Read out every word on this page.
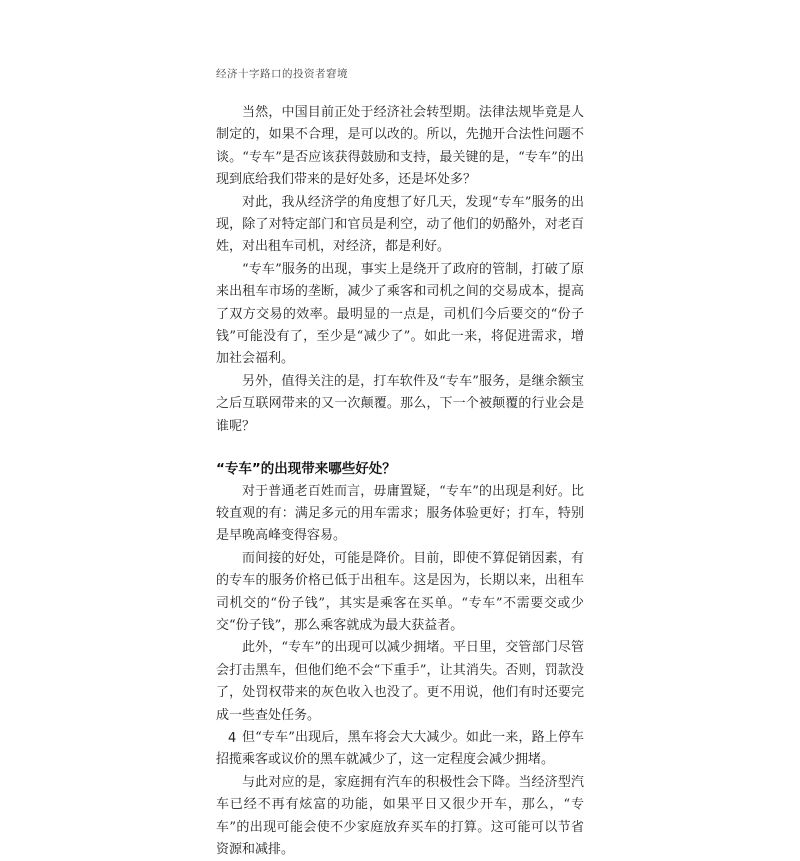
经济十字路口的投资者窘境

当然，中国目前正处于经济社会转型期。法律法规毕竟是人制定的，如果不合理，是可以改的。所以，先抛开合法性问题不谈。“专车”是否应该获得鼓励和支持，最关键的是，“专车”的出现到底给我们带来的是好处多，还是坏处多？

对此，我从经济学的角度想了好几天，发现“专车”服务的出现，除了对特定部门和官员是利空，动了他们的奶酪外，对老百姓，对出租车司机，对经济，都是利好。

“专车”服务的出现，事实上是绕开了政府的管制，打破了原来出租车市场的垄断，减少了乘客和司机之间的交易成本，提高了双方交易的效率。最明显的一点是，司机们今后要交的“份子钱”可能没有了，至少是“减少了”。如此一来，将促进需求，增加社会福利。

另外，值得关注的是，打车软件及“专车”服务，是继余额宝之后互联网带来的又一次颠覆。那么，下一个被颠覆的行业会是谁呢？

“专车”的出现带来哪些好处？

对于普通老百姓而言，毋庸置疑，“专车”的出现是利好。比较直观的有：满足多元的用车需求；服务体验更好；打车，特别是早晚高峰变得容易。

而间接的好处，可能是降价。目前，即使不算促销因素，有的专车的服务价格已低于出租车。这是因为，长期以来，出租车司机交的“份子钱”，其实是乘客在买单。“专车”不需要交或少交“份子钱”，那么乘客就成为最大获益者。

此外，“专车”的出现可以减少拥堵。平日里，交管部门尽管会打击黑车，但他们绝不会“下重手”，让其消失。否则，罚款没了，处罚权带来的灰色收入也没了。更不用说，他们有时还要完成一些查处任务。

但“专车”出现后，黑车将会大大减少。如此一来，路上停车招揽乘客或议价的黑车就减少了，这一定程度会减少拥堵。

与此对应的是，家庭拥有汽车的积极性会下降。当经济型汽车已经不再有炫富的功能，如果平日又很少开车，那么，“专车”的出现可能会使不少家庭放弃买车的打算。这可能可以节省资源和减排。

4
